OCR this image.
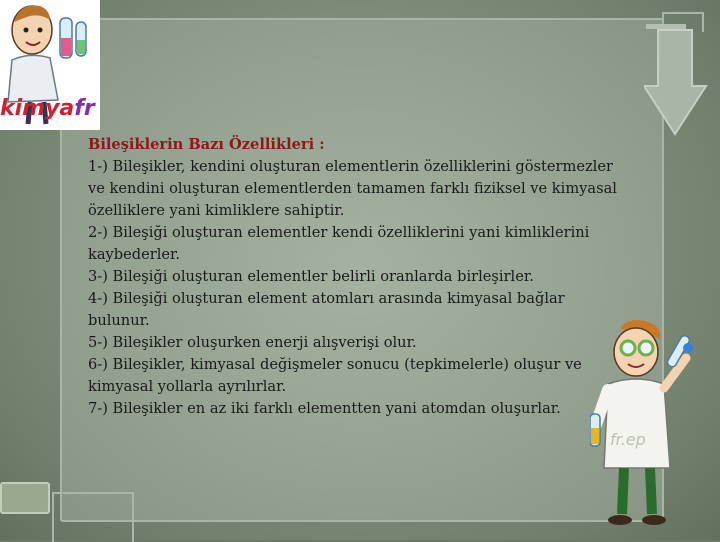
kimyafr
fr.ep

Bileşiklerin Bazı Özellikleri :

1-) Bileşikler, kendini oluşturan elementlerin özelliklerini göstermezler ve kendini oluşturan elementlerden tamamen farklı fiziksel ve kimyasal özelliklere yani kimliklere sahiptir.

2-) Bileşiği oluşturan elementler kendi özelliklerini yani kimliklerini kaybederler.

3-) Bileşiği oluşturan elementler belirli oranlarda birleşirler.

4-) Bileşiği oluşturan element atomları arasında kimyasal bağlar bulunur.

5-) Bileşikler oluşurken enerji alışverişi olur.

6-) Bileşikler, kimyasal değişmeler sonucu (tepkimelerle) oluşur ve kimyasal yollarla ayrılırlar.

7-) Bileşikler en az iki farklı elementten yani atomdan oluşurlar.
